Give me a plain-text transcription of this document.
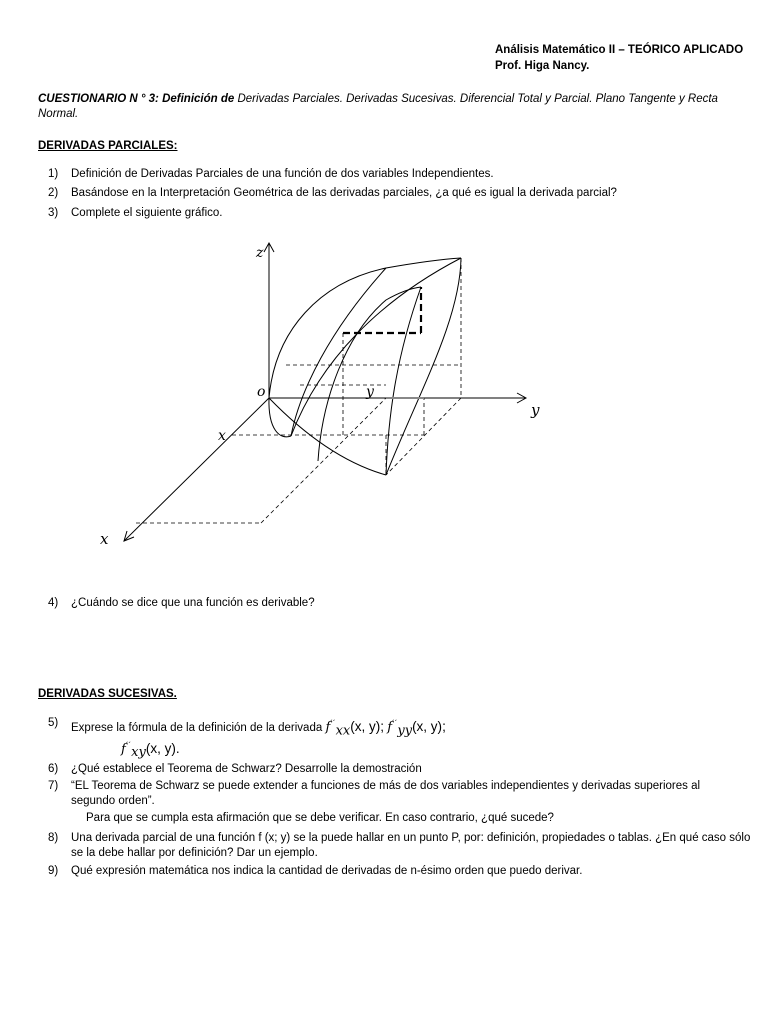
Análisis Matemático II – TEÓRICO APLICADO
Prof. Higa Nancy.
CUESTIONARIO N ° 3: Definición de Derivadas Parciales. Derivadas Sucesivas. Diferencial Total y Parcial. Plano Tangente y Recta Normal.
DERIVADAS PARCIALES:
1) Definición de Derivadas Parciales de una función de dos variables Independientes.
2) Basándose en la Interpretación Geométrica de las derivadas parciales, ¿a qué es igual la derivada parcial?
3) Complete el siguiente gráfico.
z
o
y
y
x
x
4) ¿Cuándo se dice que una función es derivable?
DERIVADAS SUCESIVAS.
5) Exprese la fórmula de la definición de la derivada $f^{´´}_{xx}(x$, y); $f^{´´}_{yy}(x$, y);
$f^{´´}_{xy}(x$, y).
6) ¿Qué establece el Teorema de Schwarz? Desarrolle la demostración
7) “EL Teorema de Schwarz se puede extender a funciones de más de dos variables independientes y derivadas superiores al segundo orden”.
Para que se cumpla esta afirmación que se debe verificar. En caso contrario, ¿qué sucede?
8) Una derivada parcial de una función f (x; y) se la puede hallar en un punto P, por: definición, propiedades o tablas. ¿En qué caso sólo se la debe hallar por definición? Dar un ejemplo.
9) Qué expresión matemática nos indica la cantidad de derivadas de n-ésimo orden que puedo derivar.
